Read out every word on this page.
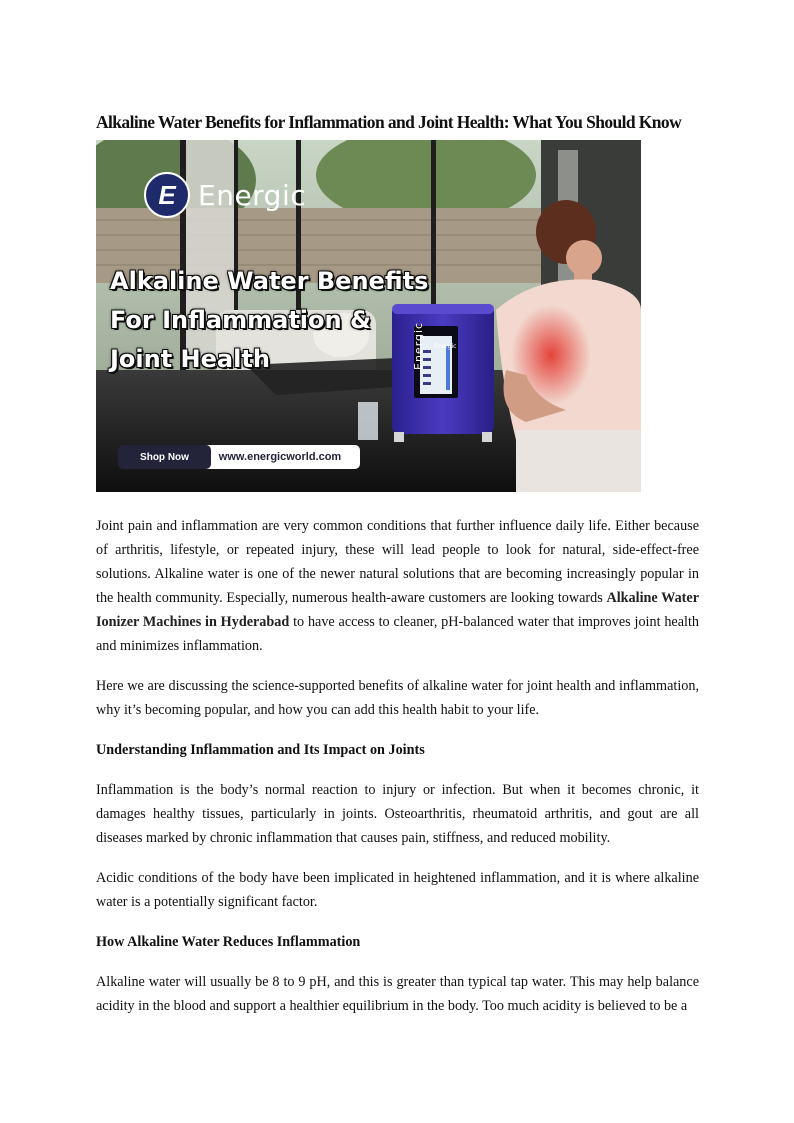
Alkaline Water Benefits for Inflammation and Joint Health: What You Should Know
E Energic
Alkaline Water Benefits
For Inflammation &
Joint Health	Energic Energic
www.energicworld.com
Shop Now

Joint pain and inflammation are very common conditions that further influence daily life. Either because of arthritis, lifestyle, or repeated injury, these will lead people to look for natural, side-effect-free solutions. Alkaline water is one of the newer natural solutions that are becoming increasingly popular in the health community. Especially, numerous health-aware customers are looking towards Alkaline Water Ionizer Machines in Hyderabad to have access to cleaner, pH-balanced water that improves joint health and minimizes inflammation.

Here we are discussing the science-supported benefits of alkaline water for joint health and inflammation, why it’s becoming popular, and how you can add this health habit to your life.

Understanding Inflammation and Its Impact on Joints

Inflammation is the body’s normal reaction to injury or infection. But when it becomes chronic, it damages healthy tissues, particularly in joints. Osteoarthritis, rheumatoid arthritis, and gout are all diseases marked by chronic inflammation that causes pain, stiffness, and reduced mobility.

Acidic conditions of the body have been implicated in heightened inflammation, and it is where alkaline water is a potentially significant factor.

How Alkaline Water Reduces Inflammation

Alkaline water will usually be 8 to 9 pH, and this is greater than typical tap water. This may help balance acidity in the blood and support a healthier equilibrium in the body. Too much acidity is believed to be a
